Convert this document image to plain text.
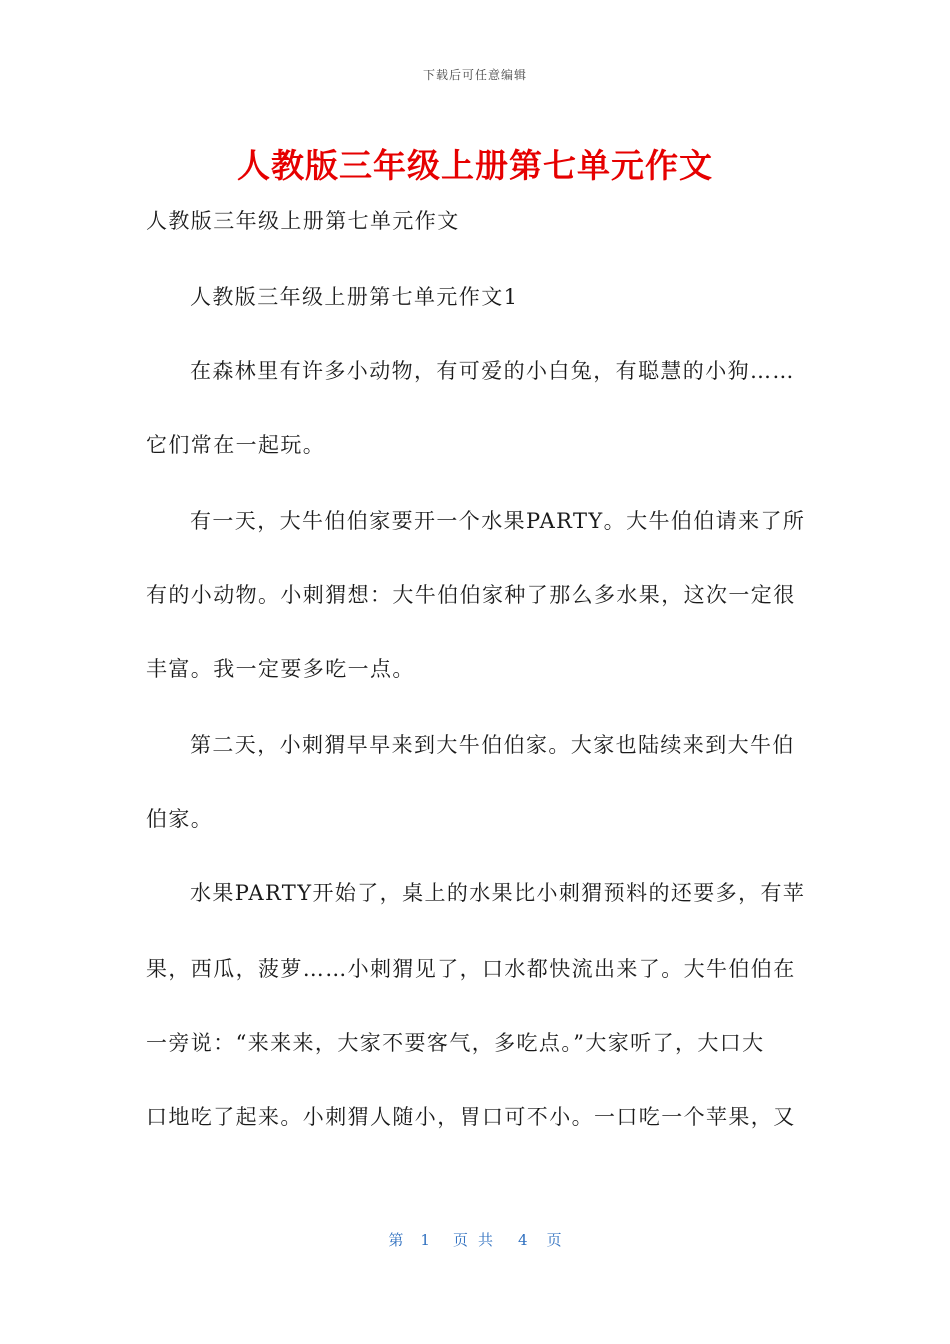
下载后可任意编辑
人教版三年级上册第七单元作文
人教版三年级上册第七单元作文
人教版三年级上册第七单元作文1
在森林里有许多小动物，有可爱的小白兔，有聪慧的小狗……
它们常在一起玩。
有一天，大牛伯伯家要开一个水果PARTY。大牛伯伯请来了所
有的小动物。小刺猬想：大牛伯伯家种了那么多水果，这次一定很
丰富。我一定要多吃一点。
第二天，小刺猬早早来到大牛伯伯家。大家也陆续来到大牛伯
伯家。
水果PARTY开始了，桌上的水果比小刺猬预料的还要多，有苹
果，西瓜，菠萝……小刺猬见了，口水都快流出来了。大牛伯伯在
一旁说：“来来来，大家不要客气，多吃点。”大家听了，大口大
口地吃了起来。小刺猬人随小，胃口可不小。一口吃一个苹果，又
第 1 页共 4 页
